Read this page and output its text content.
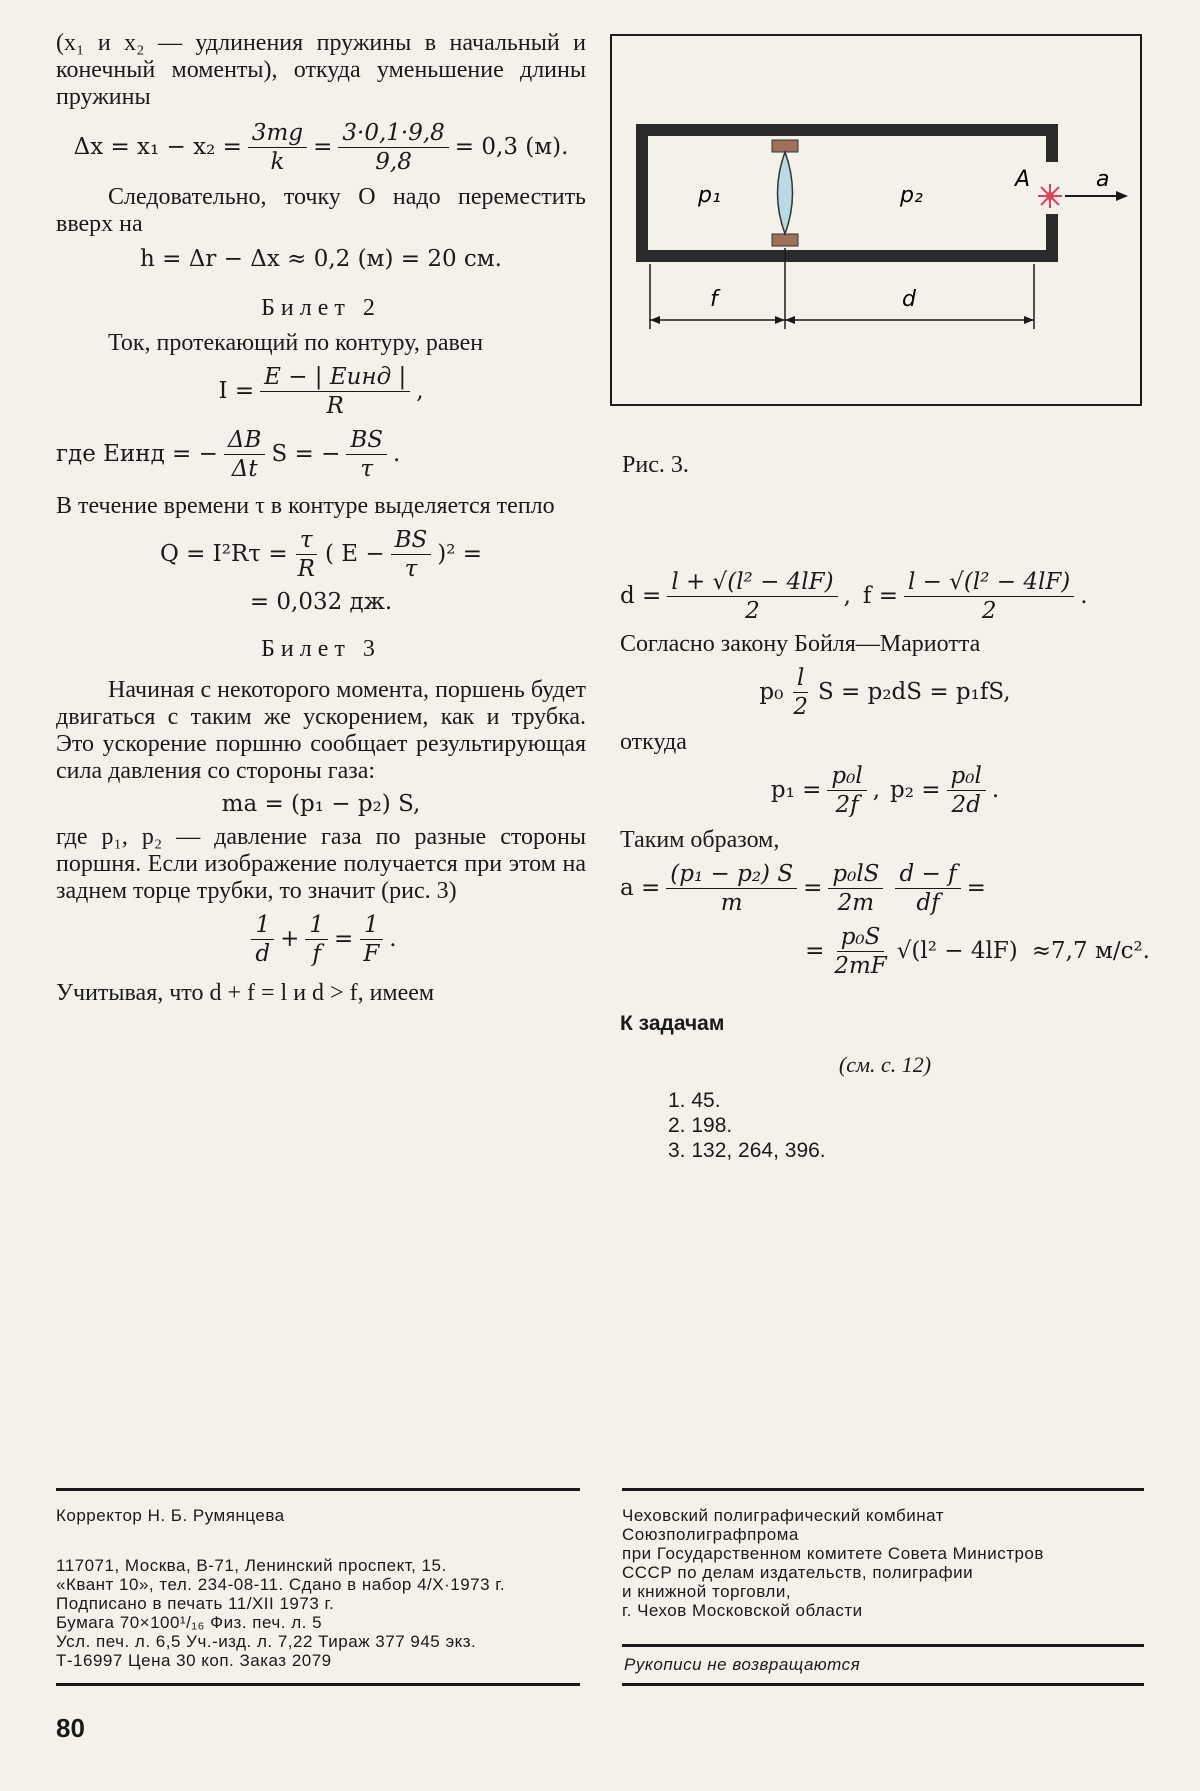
(x₁ и x₂ — удлинения пружины в начальный и конечный моменты), откуда уменьшение длины пружины

$\Delta x = x_1 - x_2 = \frac{3mg}{k} = \frac{3\cdot 0,1\cdot 9,8}{9,8} = 0,3$ (м).

Следовательно, точку O надо переместить вверх на

h = Δr − Δx ≈ 0,2 (м) = 20 см.
Билет 2

Ток, протекающий по контуру, равен

$I = \frac{\text{E − | Eинд |}}{R}$ ,
где Eинд = − $\frac{\Delta B}{\Delta t}$ S = − $\frac{BS}{\tau}$ .

В течение времени τ в контуре выделяется тепло

$Q = I^2R\tau = \frac{\tau}{R}$ ( $E - \frac{BS}{\tau} )^2$ =
= 0,032 дж.
Билет 3

Начиная с некоторого момента, поршень будет двигаться с таким же ускорением, как и трубка. Это ускорение поршню сообщает результирующая сила давления со стороны газа:

ma = (p₁ − p₂) S,

где p₁, p₂ — давление газа по разные стороны поршня. Если изображение получается при этом на заднем торце трубки, то значит (рис. 3)

$\frac{1}{d} + \frac{1}{f} = \frac{1}{F}$ .

Учитывая, что d + f = l и d > f, имеем

p₁	p₂
A	a
f	d
Рис. 3.
$d = \frac{\text{l + √(l² − 4lF)}}{2}$ , $f = \frac{\text{l − √(l² − 4lF)}}{2}$ .

Согласно закону Бойля—Мариотта

$p_0 \frac{l}{2}$ S = p₂dS = p₁fS,

откуда

$p_1 = \frac{\text{p₀l}}{2f}$ , $p_2 = \frac{\text{p₀l}}{2d}$ .

Таким образом,

$a = \frac{\text{(p₁ − p₂) S}}{m} = \frac{\text{p₀lS}}{2m} \frac{d - f}{df}$ =
= $\frac{\text{p₀S}}{2mF} √(l^2 - 4lF) \approx 7,7$ м/с².
К задачам
(см. с. 12)
1. 45.
2. 198.
3. 132, 264, 396.
Корректор Н. Б. Румянцева
117071, Москва, В-71, Ленинский проспект, 15.
«Квант 10», тел. 234-08-11. Сдано в набор 4/X·1973 г.
Подписано в печать 11/XII 1973 г.
Бумага 70×100¹/₁₆ Физ. печ. л. 5
Усл. печ. л. 6,5 Уч.-изд. л. 7,22 Тираж 377 945 экз.
Т-16997 Цена 30 коп. Заказ 2079
Чеховский полиграфический комбинат
Союзполиграфпрома
при Государственном комитете Совета Министров
СССР по делам издательств, полиграфии
и книжной торговли,
г. Чехов Московской области
Рукописи не возвращаются
80
